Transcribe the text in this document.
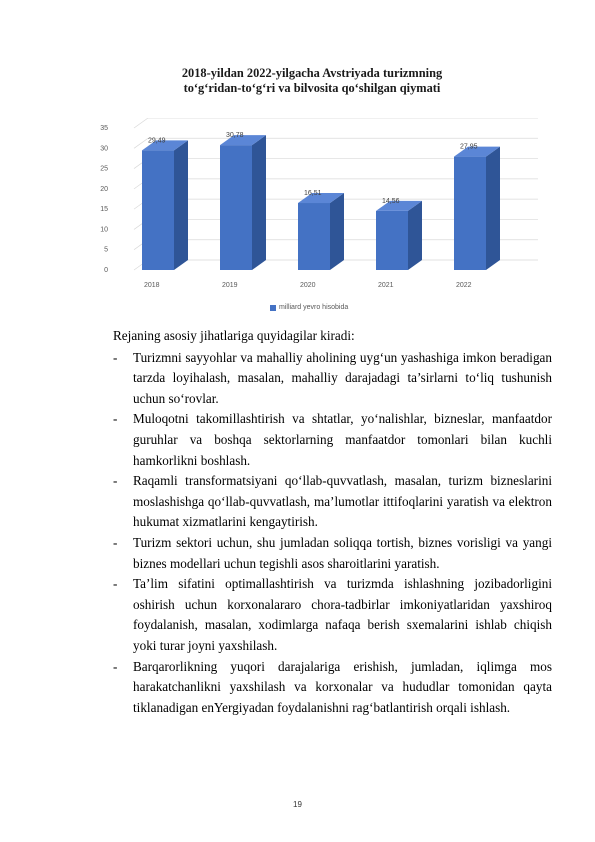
2018-yildan 2022-yilgacha Avstriyada turizmning
to‘g‘ridan-to‘g‘ri va bilvosita qo‘shilgan qiymati
0
5
10
15
20
25
30
35
29,49
2018
30,78
2019
16,51
2020
14,56
2021
27,95
2022
milliard yevro hisobida

Rejaning asosiy jihatlariga quyidagilar kiradi:

- Turizmni sayyohlar va mahalliy aholining uyg‘un yashashiga imkon beradigan tarzda loyihalash, masalan, mahalliy darajadagi ta’sirlarni to‘liq tushunish uchun so‘rovlar.
- Muloqotni takomillashtirish va shtatlar, yo‘nalishlar, bizneslar, manfaatdor guruhlar va boshqa sektorlarning manfaatdor tomonlari bilan kuchli hamkorlikni boshlash.
- Raqamli transformatsiyani qo‘llab-quvvatlash, masalan, turizm bizneslarini moslashishga qo‘llab-quvvatlash, ma’lumotlar ittifoqlarini yaratish va elektron hukumat xizmatlarini kengaytirish.
- Turizm sektori uchun, shu jumladan soliqqa tortish, biznes vorisligi va yangi biznes modellari uchun tegishli asos sharoitlarini yaratish.
- Ta’lim sifatini optimallashtirish va turizmda ishlashning jozibadorligini oshirish uchun korxonalararo chora-tadbirlar imkoniyatlaridan yaxshiroq foydalanish, masalan, xodimlarga nafaqa berish sxemalarini ishlab chiqish yoki turar joyni yaxshilash.
- Barqarorlikning yuqori darajalariga erishish, jumladan, iqlimga mos harakatchanlikni yaxshilash va korxonalar va hududlar tomonidan qayta tiklanadigan enYergiyadan foydalanishni rag‘batlantirish orqali ishlash.
19
